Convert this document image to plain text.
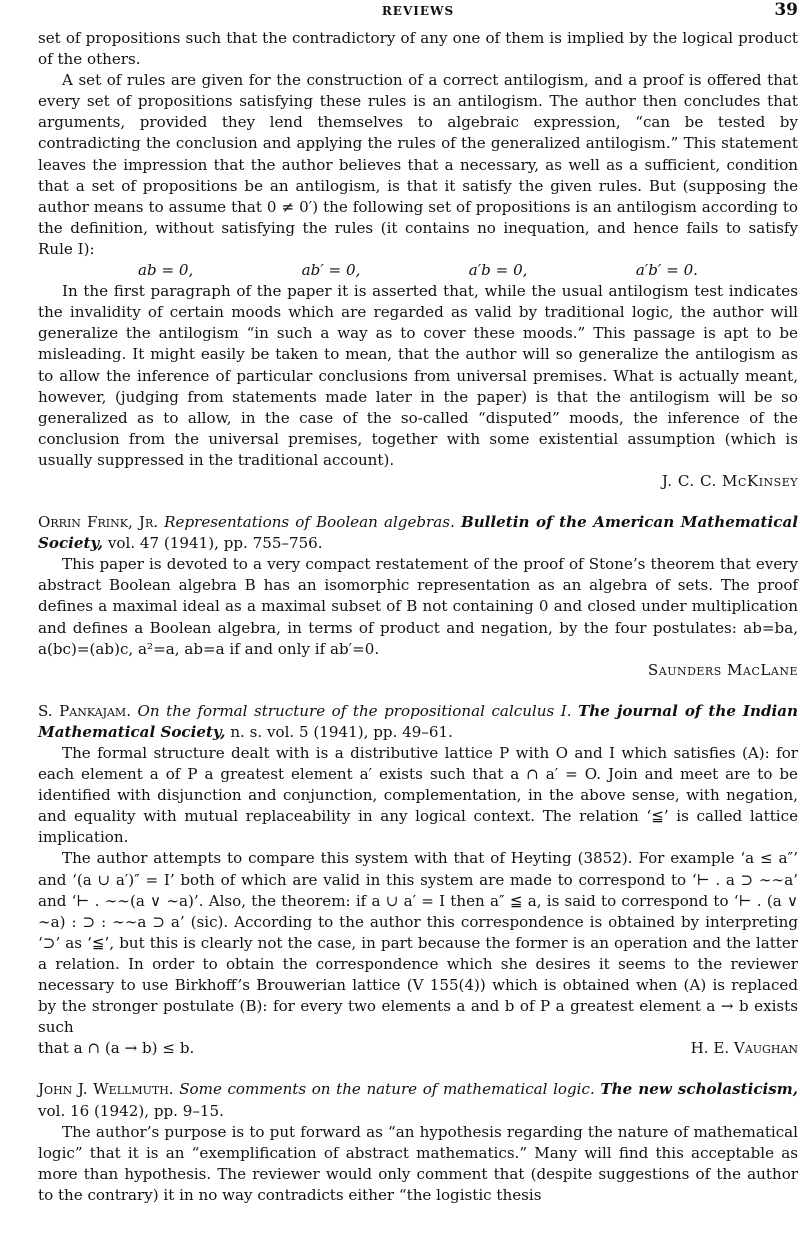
REVIEWS	39

set of propositions such that the contradictory of any one of them is implied by the logical product of the others.

A set of rules are given for the construction of a correct antilogism, and a proof is offered that every set of propositions satisfying these rules is an antilogism. The author then concludes that arguments, provided they lend themselves to algebraic expression, “can be tested by contradicting the conclusion and applying the rules of the generalized antilogism.” This statement leaves the impression that the author believes that a necessary, as well as a sufficient, condition that a set of propositions be an antilogism, is that it satisfy the given rules. But (supposing the author means to assume that 0 ≠ 0′) the following set of propositions is an antilogism according to the definition, without satisfying the rules (it contains no inequation, and hence fails to satisfy Rule I):

ab = 0,	ab′ = 0,	a′b = 0,	a′b′ = 0.

In the first paragraph of the paper it is asserted that, while the usual antilogism test indicates the invalidity of certain moods which are regarded as valid by traditional logic, the author will generalize the antilogism “in such a way as to cover these moods.” This passage is apt to be misleading. It might easily be taken to mean, that the author will so generalize the antilogism as to allow the inference of particular conclusions from universal premises. What is actually meant, however, (judging from statements made later in the paper) is that the antilogism will be so generalized as to allow, in the case of the so-called “disputed” moods, the inference of the conclusion from the universal premises, together with some existential assumption (which is usually suppressed in the traditional account).

J. C. C. McKinsey

Orrin Frink, Jr. Representations of Boolean algebras. Bulletin of the American Mathematical Society, vol. 47 (1941), pp. 755–756.

This paper is devoted to a very compact restatement of the proof of Stone’s theorem that every abstract Boolean algebra B has an isomorphic representation as an algebra of sets. The proof defines a maximal ideal as a maximal subset of B not containing 0 and closed under multiplication and defines a Boolean algebra, in terms of product and negation, by the four postulates: ab=ba, a(bc)=(ab)c, a²=a, ab=a if and only if ab′=0.

Saunders MacLane

S. Pankajam. On the formal structure of the propositional calculus I. The journal of the Indian Mathematical Society, n. s. vol. 5 (1941), pp. 49–61.

The formal structure dealt with is a distributive lattice P with O and I which satisfies (A): for each element a of P a greatest element a′ exists such that a ∩ a′ = O. Join and meet are to be identified with disjunction and conjunction, complementation, in the above sense, with negation, and equality with mutual replaceability in any logical context. The relation ‘≦’ is called lattice implication.

The author attempts to compare this system with that of Heyting (3852). For example ‘a ≤ a″’ and ‘(a ∪ a′)″ = I’ both of which are valid in this system are made to correspond to ‘⊢ . a ⊃ ∼∼a’ and ‘⊢ . ∼∼(a ∨ ∼a)’. Also, the theorem: if a ∪ a′ = I then a″ ≦ a, is said to correspond to ‘⊢ . (a ∨ ∼a) : ⊃ : ∼∼a ⊃ a’ (sic). According to the author this correspondence is obtained by interpreting ‘⊃’ as ‘≦’, but this is clearly not the case, in part because the former is an operation and the latter a relation. In order to obtain the correspondence which she desires it seems to the reviewer necessary to use Birkhoff’s Brouwerian lattice (V 155(4)) which is obtained when (A) is replaced by the stronger postulate (B): for every two elements a and b of P a greatest element a → b exists such

that a ∩ (a → b) ≤ b.	H. E. Vaughan

John J. Wellmuth. Some comments on the nature of mathematical logic. The new scholasticism, vol. 16 (1942), pp. 9–15.

The author’s purpose is to put forward as “an hypothesis regarding the nature of mathematical logic” that it is an “exemplification of abstract mathematics.” Many will find this acceptable as more than hypothesis. The reviewer would only comment that (despite suggestions of the author to the contrary) it in no way contradicts either “the logistic thesis
